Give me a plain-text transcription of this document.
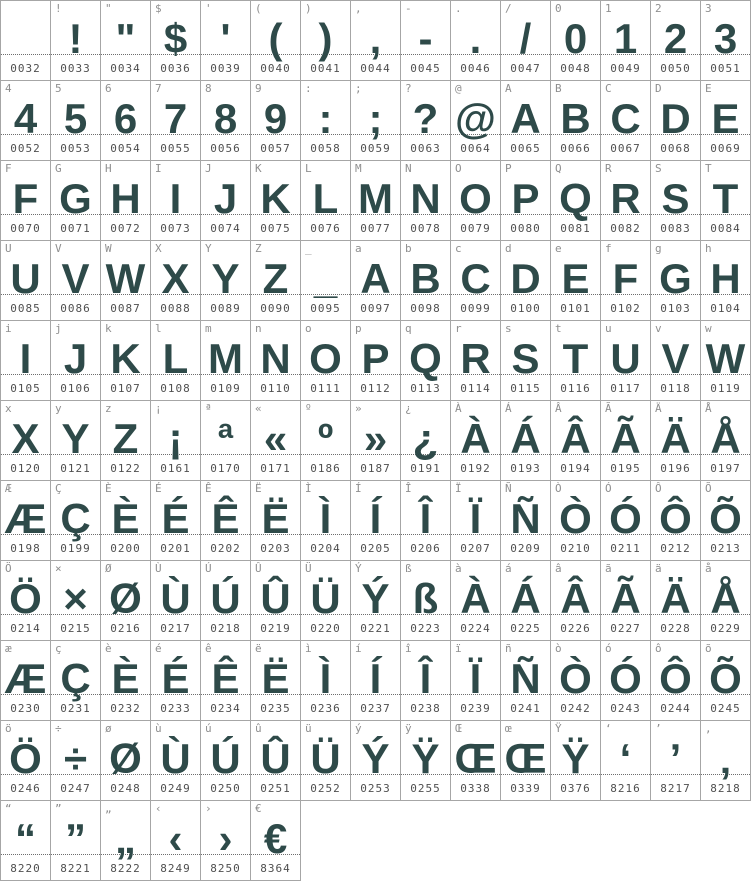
0032
!
!
0033
"
"
0034
$
$
0036
'
'
0039
(
(
0040
)
)
0041
,
,
0044
-
-
0045
.
.
0046
/
/
0047
0
0
0048
1
1
0049
2
2
0050
3
3
0051
4
4
0052
5
5
0053
6
6
0054
7
7
0055
8
8
0056
9
9
0057
:
:
0058
;
;
0059
?
?
0063
@
@
0064
A
A
0065
B
B
0066
C
C
0067
D
D
0068
E
E
0069
F
F
0070
G
G
0071
H
H
0072
I
I
0073
J
J
0074
K
K
0075
L
L
0076
M
M
0077
N
N
0078
O
O
0079
P
P
0080
Q
Q
0081
R
R
0082
S
S
0083
T
T
0084
U
U
0085
V
V
0086
W
W
0087
X
X
0088
Y
Y
0089
Z
Z
0090
_
_
0095
a
A
0097
b
B
0098
c
C
0099
d
D
0100
e
E
0101
f
F
0102
g
G
0103
h
H
0104
i
I
0105
j
J
0106
k
K
0107
l
L
0108
m
M
0109
n
N
0110
o
O
0111
p
P
0112
q
Q
0113
r
R
0114
s
S
0115
t
T
0116
u
U
0117
v
V
0118
w
W
0119
x
X
0120
y
Y
0121
z
Z
0122
¡
¡
0161
ª
ª
0170
«
«
0171
º
º
0186
»
»
0187
¿
¿
0191
À
À
0192
Á
Á
0193
Â
Â
0194
Ã
Ã
0195
Ä
Ä
0196
Å
Å
0197
Æ
Æ
0198
Ç
Ç
0199
È
È
0200
É
É
0201
Ê
Ê
0202
Ë
Ë
0203
Ì
Ì
0204
Í
Í
0205
Î
Î
0206
Ï
Ï
0207
Ñ
Ñ
0209
Ò
Ò
0210
Ó
Ó
0211
Ô
Ô
0212
Õ
Õ
0213
Ö
Ö
0214
×
×
0215
Ø
Ø
0216
Ù
Ù
0217
Ú
Ú
0218
Û
Û
0219
Ü
Ü
0220
Ý
Ý
0221
ß
ß
0223
à
À
0224
á
Á
0225
â
Â
0226
ã
Ã
0227
ä
Ä
0228
å
Å
0229
æ
Æ
0230
ç
Ç
0231
è
È
0232
é
É
0233
ê
Ê
0234
ë
Ë
0235
ì
Ì
0236
í
Í
0237
î
Î
0238
ï
Ï
0239
ñ
Ñ
0241
ò
Ò
0242
ó
Ó
0243
ô
Ô
0244
õ
Õ
0245
ö
Ö
0246
÷
÷
0247
ø
Ø
0248
ù
Ù
0249
ú
Ú
0250
û
Û
0251
ü
Ü
0252
ý
Ý
0253
ÿ
Ÿ
0255
Œ
Œ
0338
œ
Œ
0339
Ÿ
Ÿ
0376
‘
‘
8216
’
’
8217
‚
‚
8218
“
“
8220
”
”
8221
„
„
8222
‹
‹
8249
›
›
8250
€
€
8364
